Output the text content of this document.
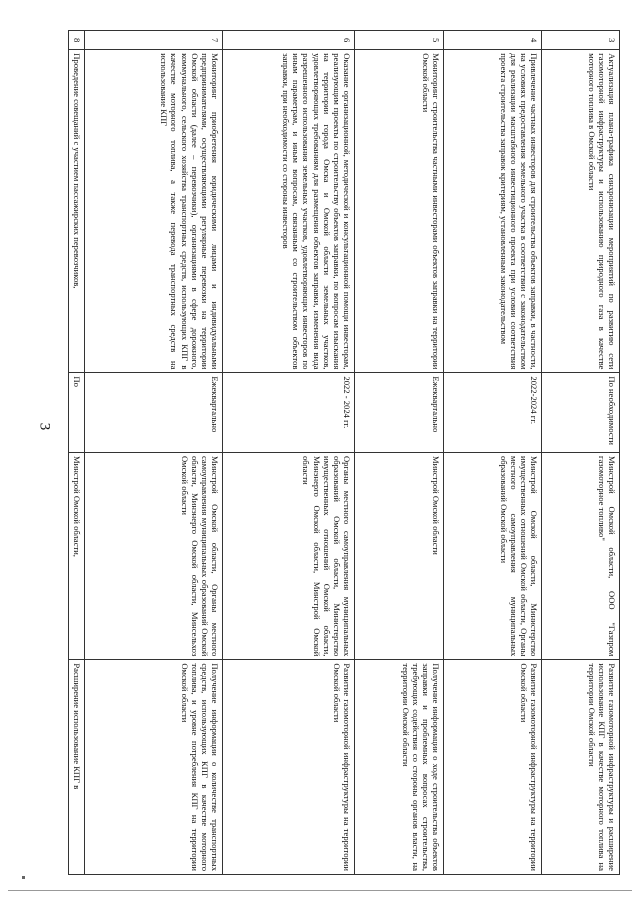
3
3	Актуализация плана-графика синхронизации мероприятий по развитию сети газомоторной инфраструктуры и использованию природного газа в качестве моторного топлива в Омской области	По необходимости	Минстрой Омской области, ООО "Газпром газомоторное топливо"	Развитие газомоторной инфраструктуры и расширение использование КПГ в качестве моторного топлива на территории Омской области
4	Привлечение частных инвесторов для строительства объектов заправки, в частности, на условиях предоставления земельного участка в соответствии с законодательством для реализации масштабного инвестиционного проекта при условии соответствия проекта строительства заправок критериям, установленным законодательством	2022-2024 гг.	Минстрой Омской области, Министерство имущественных отношений Омской области, Органы местного самоуправления муниципальных образований Омской области	Развитие газомоторной инфраструктуры на территории Омской области
5	Мониторинг строительства частными инвесторами объектов заправки на территории Омской области	Ежеквартально	Минстрой Омской области	Получение информации о ходе строительства объектов заправки и проблемных вопросах строительства, требующих содействия со стороны органов власти, на территории Омской области
6	Оказание организационной, методической и консультационной помощи инвесторам, реализующим проекты по строительству объектов заправки, по вопросам изыскания на территории города Омска и Омской области земельных участков, удовлетворяющих требованиям для размещения объектов заправки, изменения вида разрешенного использования земельных участков, удовлетворяющих инвесторов по иным параметрам, и иным вопросам, связанным со строительством объектов заправки, при необходимости со стороны инвесторов	2022 - 2024 гг.	Органы местного самоуправления муниципальных образований Омской области, Министерство имущественных отношений Омской области, Минэнерго Омской области, Минстрой Омской области	Развитие газомоторной инфраструктуры на территории Омской области
7	Мониторинг приобретения юридическими лицами и индивидуальными предпринимателями, осуществляющими регулярные перевозки на территории Омской области (далее – перевозчики), организациями в сфере дорожного, коммунального, сельского хозяйства транспортных средств, использующих КПГ в качестве моторного топлива, а также перевода транспортных средств на использование КПГ	Ежеквартально	Минстрой Омской области, Органы местного самоуправления муниципальных образований Омской области, Минэнерго Омской области, Минсельхоз Омской области	Получение информации о количестве транспортных средств, использующих КПГ в качестве моторного топлива, и уровне потребления КПГ на территории Омской области
8	Проведение совещаний с участием пассажирских перевозчиков,	По	Минстрой Омской области,	Расширение использование КПГ в
